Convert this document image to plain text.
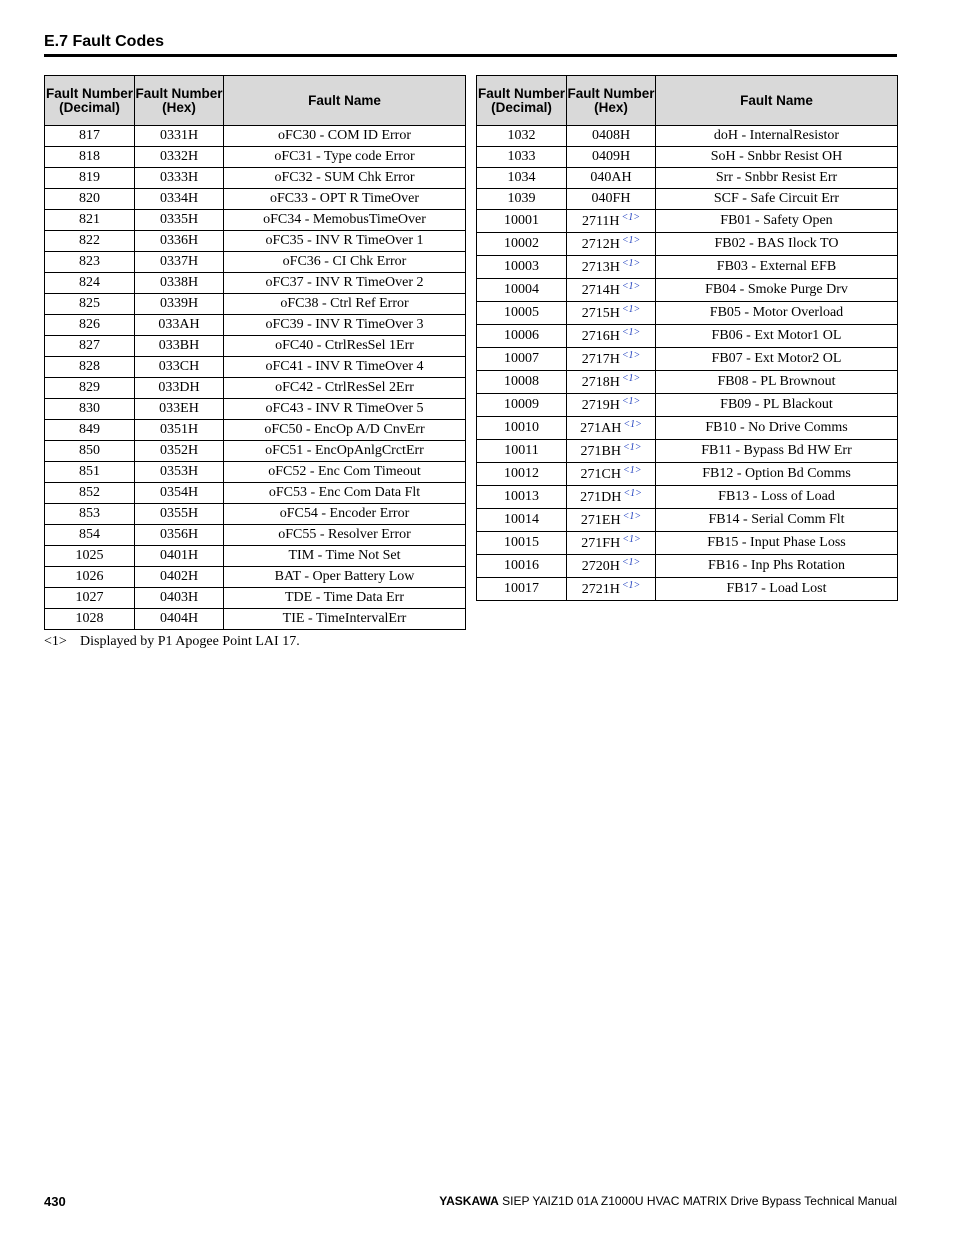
E.7 Fault Codes
Fault Number (Decimal)	Fault Number (Hex)	Fault Name
817	0331H	oFC30 - COM ID Error
818	0332H	oFC31 - Type code Error
819	0333H	oFC32 - SUM Chk Error
820	0334H	oFC33 - OPT R TimeOver
821	0335H	oFC34 - MemobusTimeOver
822	0336H	oFC35 - INV R TimeOver 1
823	0337H	oFC36 - CI Chk Error
824	0338H	oFC37 - INV R TimeOver 2
825	0339H	oFC38 - Ctrl Ref Error
826	033AH	oFC39 - INV R TimeOver 3
827	033BH	oFC40 - CtrlResSel 1Err
828	033CH	oFC41 - INV R TimeOver 4
829	033DH	oFC42 - CtrlResSel 2Err
830	033EH	oFC43 - INV R TimeOver 5
849	0351H	oFC50 - EncOp A/D CnvErr
850	0352H	oFC51 - EncOpAnlgCrctErr
851	0353H	oFC52 - Enc Com Timeout
852	0354H	oFC53 - Enc Com Data Flt
853	0355H	oFC54 - Encoder Error
854	0356H	oFC55 - Resolver Error
1025	0401H	TIM - Time Not Set
1026	0402H	BAT - Oper Battery Low
1027	0403H	TDE - Time Data Err
1028	0404H	TIE - TimeIntervalErr
Fault Number (Decimal)	Fault Number (Hex)	Fault Name
1032	0408H	doH - InternalResistor
1033	0409H	SoH - Snbbr Resist OH
1034	040AH	Srr - Snbbr Resist Err
1039	040FH	SCF - Safe Circuit Err
10001	2711H $^{<1>}$	FB01 - Safety Open
10002	2712H $^{<1>}$	FB02 - BAS Ilock TO
10003	2713H $^{<1>}$	FB03 - External EFB
10004	2714H $^{<1>}$	FB04 - Smoke Purge Drv
10005	2715H $^{<1>}$	FB05 - Motor Overload
10006	2716H $^{<1>}$	FB06 - Ext Motor1 OL
10007	2717H $^{<1>}$	FB07 - Ext Motor2 OL
10008	2718H $^{<1>}$	FB08 - PL Brownout
10009	2719H $^{<1>}$	FB09 - PL Blackout
10010	271AH $^{<1>}$	FB10 - No Drive Comms
10011	271BH $^{<1>}$	FB11 - Bypass Bd HW Err
10012	271CH $^{<1>}$	FB12 - Option Bd Comms
10013	271DH $^{<1>}$	FB13 - Loss of Load
10014	271EH $^{<1>}$	FB14 - Serial Comm Flt
10015	271FH $^{<1>}$	FB15 - Input Phase Loss
10016	2720H $^{<1>}$	FB16 - Inp Phs Rotation
10017	2721H $^{<1>}$	FB17 - Load Lost
<1> Displayed by P1 Apogee Point LAI 17.
430	YASKAWA SIEP YAIZ1D 01A Z1000U HVAC MATRIX Drive Bypass Technical Manual
